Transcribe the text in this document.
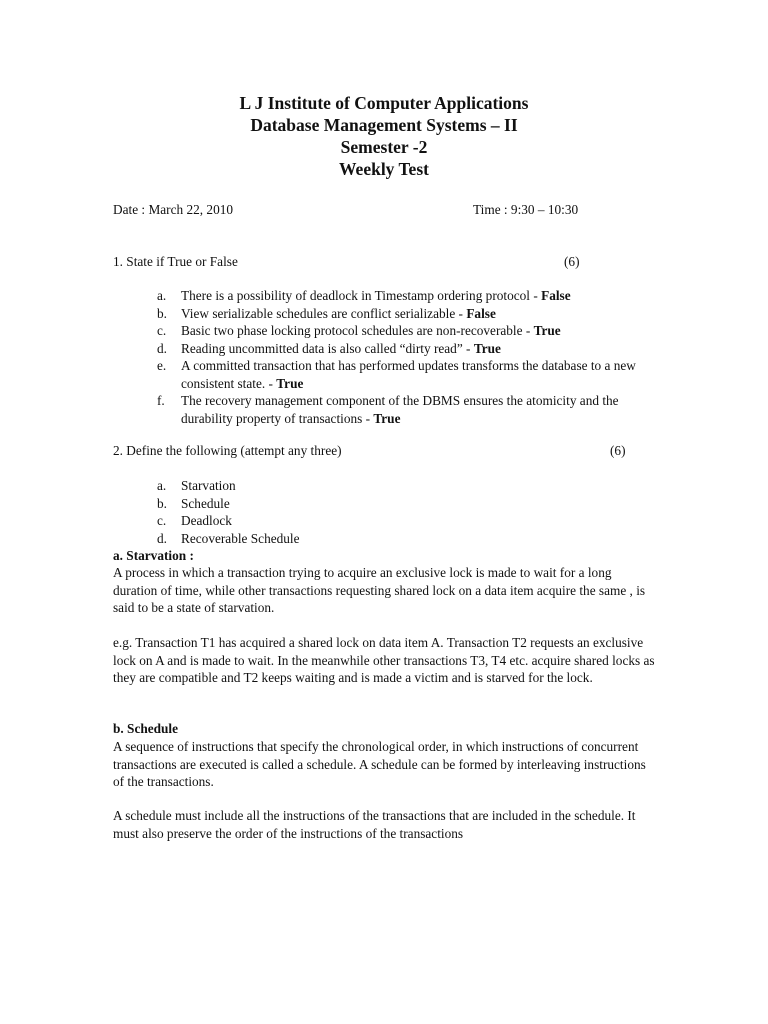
L J Institute of Computer Applications
Database Management Systems – II
Semester -2
Weekly Test
Date : March 22, 2010	Time : 9:30 – 10:30
1. State if True or False	(6)
a. There is a possibility of deadlock in Timestamp ordering protocol - False
b. View serializable schedules are conflict serializable - False
c. Basic two phase locking protocol schedules are non-recoverable - True
d. Reading uncommitted data is also called “dirty read” - True
e. A committed transaction that has performed updates transforms the database to a new consistent state. - True
f. The recovery management component of the DBMS ensures the atomicity and the durability property of transactions - True
2. Define the following (attempt any three)	(6)
a. Starvation
b. Schedule
c. Deadlock
d. Recoverable Schedule
a. Starvation :
A process in which a transaction trying to acquire an exclusive lock is made to wait for a long duration of time, while other transactions requesting shared lock on a data item acquire the same , is said to be a state of starvation.
e.g. Transaction T1 has acquired a shared lock on data item A. Transaction T2 requests an exclusive lock on A and is made to wait. In the meanwhile other transactions T3, T4 etc. acquire shared locks as they are compatible and T2 keeps waiting and is made a victim and is starved for the lock.
b. Schedule
A sequence of instructions that specify the chronological order, in which instructions of concurrent transactions are executed is called a schedule. A schedule can be formed by interleaving instructions of the transactions.
A schedule must include all the instructions of the transactions that are included in the schedule. It must also preserve the order of the instructions of the transactions
